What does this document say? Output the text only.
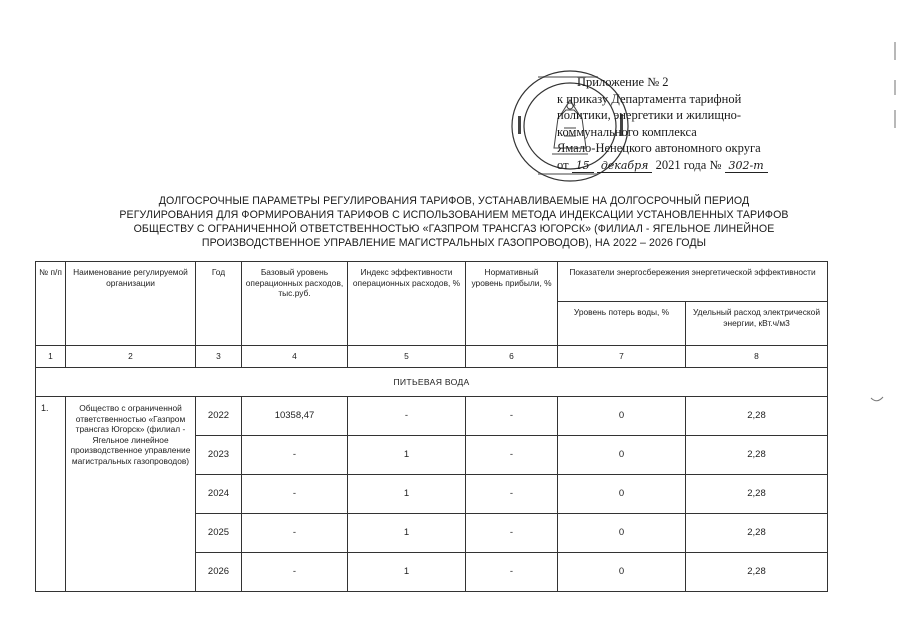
Приложение № 2
к приказу Департамента тарифной
политики, энергетики и жилищно-
коммунального комплекса
Ямало-Ненецкого автономного округа
от 15 декабря 2021 года № 302-т
ДОЛГОСРОЧНЫЕ ПАРАМЕТРЫ РЕГУЛИРОВАНИЯ ТАРИФОВ, УСТАНАВЛИВАЕМЫЕ НА ДОЛГОСРОЧНЫЙ ПЕРИОД
РЕГУЛИРОВАНИЯ ДЛЯ ФОРМИРОВАНИЯ ТАРИФОВ С ИСПОЛЬЗОВАНИЕМ МЕТОДА ИНДЕКСАЦИИ УСТАНОВЛЕННЫХ ТАРИФОВ
ОБЩЕСТВУ С ОГРАНИЧЕННОЙ ОТВЕТСТВЕННОСТЬЮ «ГАЗПРОМ ТРАНСГАЗ ЮГОРСК» (ФИЛИАЛ - ЯГЕЛЬНОЕ ЛИНЕЙНОЕ
ПРОИЗВОДСТВЕННОЕ УПРАВЛЕНИЕ МАГИСТРАЛЬНЫХ ГАЗОПРОВОДОВ), НА 2022 – 2026 ГОДЫ
№ п/п	Наименование регулируемой организации	Год	Базовый уровень операционных расходов, тыс.руб.	Индекс эффективности операционных расходов, %	Нормативный уровень прибыли, %	Показатели энергосбережения энергетической эффективности	
						Уровень потерь воды, %	Удельный расход электрической энергии, кВт.ч/м3
1	2	3	4	5	6	7	8
ПИТЬЕВАЯ ВОДА							
1.	Общество с ограниченной ответственностью «Газпром трансгаз Югорск» (филиал - Ягельное линейное производственное управление магистральных газопроводов)	2022	10358,47	-	-	0	2,28
		2023	-	1	-	0	2,28
		2024	-	1	-	0	2,28
		2025	-	1	-	0	2,28
		2026	-	1	-	0	2,28
